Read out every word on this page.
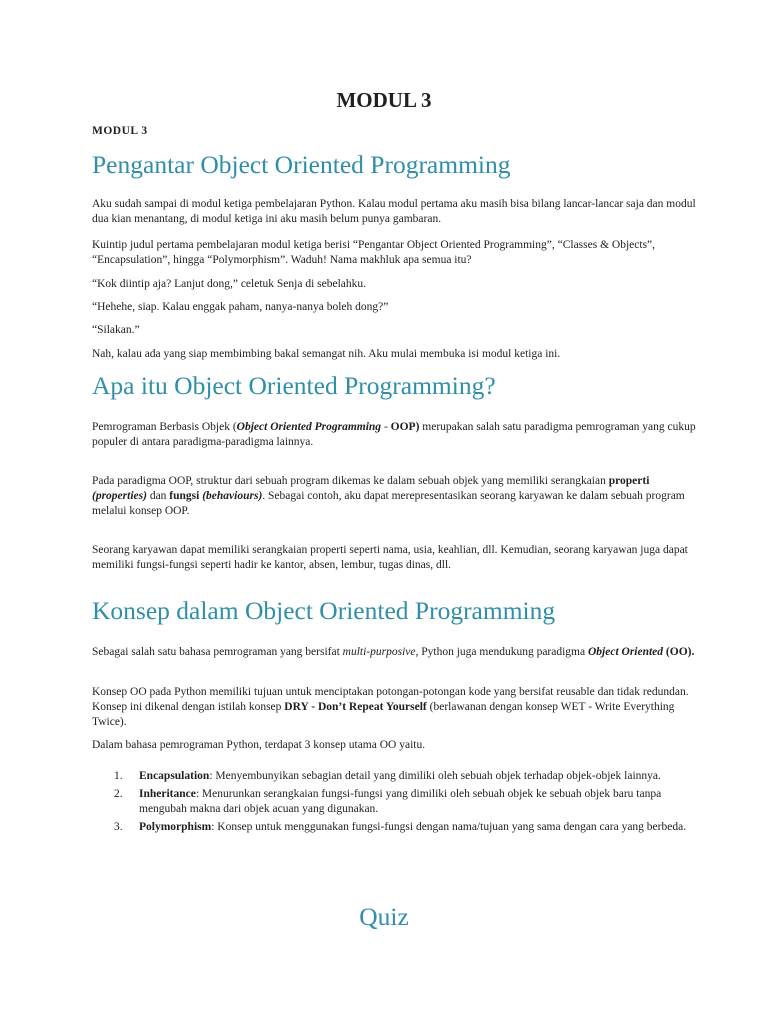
MODUL 3

MODUL 3

Pengantar Object Oriented Programming

Aku sudah sampai di modul ketiga pembelajaran Python. Kalau modul pertama aku masih bisa bilang lancar-lancar saja dan modul dua kian menantang, di modul ketiga ini aku masih belum punya gambaran.

Kuintip judul pertama pembelajaran modul ketiga berisi “Pengantar Object Oriented Programming”, “Classes & Objects”, “Encapsulation”, hingga “Polymorphism”. Waduh! Nama makhluk apa semua itu?

“Kok diintip aja? Lanjut dong,” celetuk Senja di sebelahku.

“Hehehe, siap. Kalau enggak paham, nanya-nanya boleh dong?”

“Silakan.”

Nah, kalau ada yang siap membimbing bakal semangat nih. Aku mulai membuka isi modul ketiga ini.

Apa itu Object Oriented Programming?

Pemrograman Berbasis Objek (Object Oriented Programming - OOP) merupakan salah satu paradigma pemrograman yang cukup populer di antara paradigma-paradigma lainnya.

Pada paradigma OOP, struktur dari sebuah program dikemas ke dalam sebuah objek yang memiliki serangkaian properti (properties) dan fungsi (behaviours). Sebagai contoh, aku dapat merepresentasikan seorang karyawan ke dalam sebuah program melalui konsep OOP.

Seorang karyawan dapat memiliki serangkaian properti seperti nama, usia, keahlian, dll. Kemudian, seorang karyawan juga dapat memiliki fungsi-fungsi seperti hadir ke kantor, absen, lembur, tugas dinas, dll.

Konsep dalam Object Oriented Programming

Sebagai salah satu bahasa pemrograman yang bersifat multi-purposive, Python juga mendukung paradigma Object Oriented (OO).

Konsep OO pada Python memiliki tujuan untuk menciptakan potongan-potongan kode yang bersifat reusable dan tidak redundan. Konsep ini dikenal dengan istilah konsep DRY - Don’t Repeat Yourself (berlawanan dengan konsep WET - Write Everything Twice).

Dalam bahasa pemrograman Python, terdapat 3 konsep utama OO yaitu.

1. Encapsulation: Menyembunyikan sebagian detail yang dimiliki oleh sebuah objek terhadap objek-objek lainnya.
2. Inheritance: Menurunkan serangkaian fungsi-fungsi yang dimiliki oleh sebuah objek ke sebuah objek baru tanpa mengubah makna dari objek acuan yang digunakan.
3. Polymorphism: Konsep untuk menggunakan fungsi-fungsi dengan nama/tujuan yang sama dengan cara yang berbeda.
Quiz
